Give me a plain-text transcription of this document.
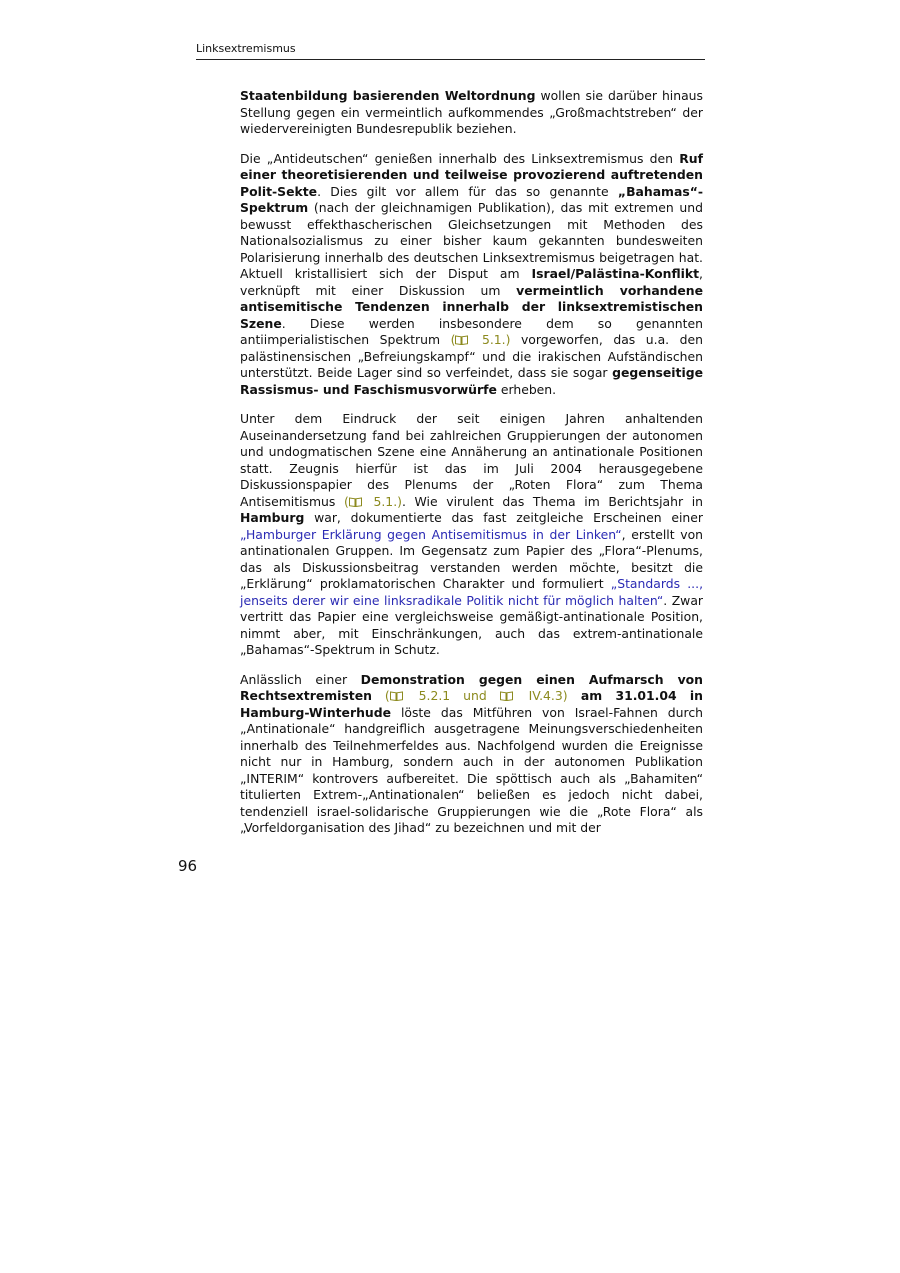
Linksextremismus

Staatenbildung basierenden Weltordnung wollen sie darüber hinaus Stellung gegen ein vermeintlich aufkommendes „Großmachtstreben“ der wiedervereinigten Bundesrepublik beziehen.

Die „Antideutschen“ genießen innerhalb des Linksextremismus den Ruf einer theoretisierenden und teilweise provozierend auftretenden Polit-Sekte. Dies gilt vor allem für das so genannte „Bahamas“-Spektrum (nach der gleichnamigen Publikation), das mit extremen und bewusst effekthascherischen Gleichsetzungen mit Methoden des Nationalsozialismus zu einer bisher kaum gekannten bundesweiten Polarisierung innerhalb des deutschen Linksextremismus beigetragen hat. Aktuell kristallisiert sich der Disput am Israel/Palästina-Konflikt, verknüpft mit einer Diskussion um vermeintlich vorhandene antisemitische Tendenzen innerhalb der linksextremistischen Szene. Diese werden insbesondere dem so genannten antiimperialistischen Spektrum ( 5.1.) vorgeworfen, das u.a. den palästinensischen „Befreiungskampf“ und die irakischen Aufständischen unterstützt. Beide Lager sind so verfeindet, dass sie sogar gegenseitige Rassismus- und Faschismusvorwürfe erheben.

Unter dem Eindruck der seit einigen Jahren anhaltenden Auseinandersetzung fand bei zahlreichen Gruppierungen der autonomen und undogmatischen Szene eine Annäherung an antinationale Positionen statt. Zeugnis hierfür ist das im Juli 2004 herausgegebene Diskussionspapier des Plenums der „Roten Flora“ zum Thema Antisemitismus ( 5.1.). Wie virulent das Thema im Berichtsjahr in Hamburg war, dokumentierte das fast zeitgleiche Erscheinen einer „Hamburger Erklärung gegen Antisemitismus in der Linken“, erstellt von antinationalen Gruppen. Im Gegensatz zum Papier des „Flora“-Plenums, das als Diskussionsbeitrag verstanden werden möchte, besitzt die „Erklärung“ proklamatorischen Charakter und formuliert „Standards ..., jenseits derer wir eine linksradikale Politik nicht für möglich halten“. Zwar vertritt das Papier eine vergleichsweise gemäßigt-antinationale Position, nimmt aber, mit Einschränkungen, auch das extrem-antinationale „Bahamas“-Spektrum in Schutz.

Anlässlich einer Demonstration gegen einen Aufmarsch von Rechtsextremisten ( 5.2.1 und	IV.4.3) am 31.01.04 in Hamburg-Winterhude löste das Mitführen von Israel-Fahnen durch „Antinationale“ handgreiflich ausgetragene Meinungsverschiedenheiten innerhalb des Teilnehmerfeldes aus. Nachfolgend wurden die Ereignisse nicht nur in Hamburg, sondern auch in der autonomen Publikation „INTERIM“ kontrovers aufbereitet. Die spöttisch auch als „Bahamiten“ titulierten Extrem-„Antinationalen“ beließen es jedoch nicht dabei, tendenziell israel-solidarische Gruppierungen wie die „Rote Flora“ als „Vorfeldorganisation des Jihad“ zu bezeichnen und mit der

96
